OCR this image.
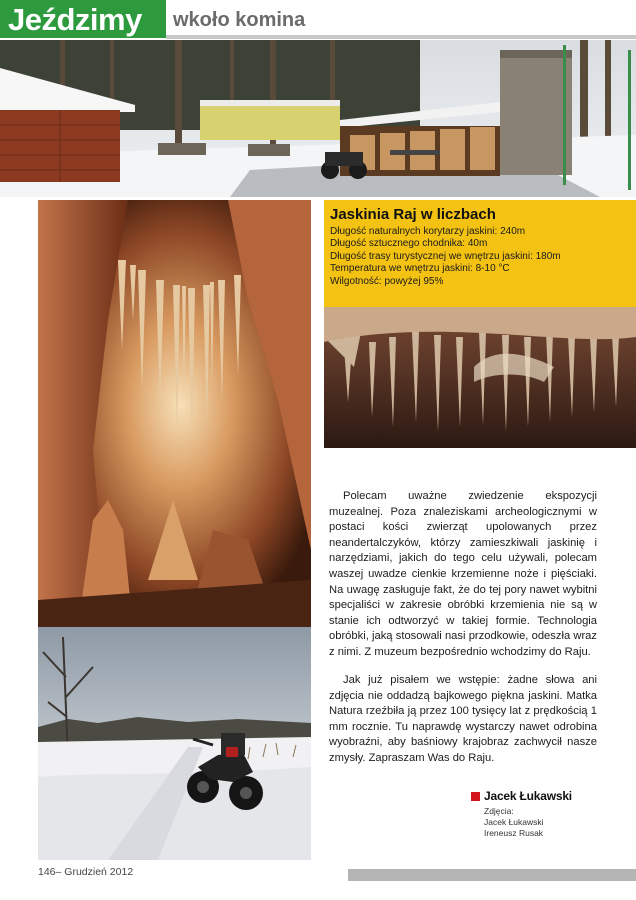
Jeździmy wkoło komina
Jaskinia Raj w liczbach
Długość naturalnych korytarzy jaskini: 240m
Długość sztucznego chodnika: 40m
Długość trasy turystycznej we wnętrzu jaskini: 180m
Temperatura we wnętrzu jaskini: 8-10 °C
Wilgotność: powyżej 95%

Polecam uważne zwiedzenie ekspozycji muzealnej. Poza znaleziskami archeologicznymi w postaci kości zwierząt upolowanych przez neandertalczyków, którzy zamieszkiwali jaskinię i narzędziami, jakich do tego celu używali, polecam waszej uwadze cienkie krzemienne noże i pięściaki. Na uwagę zasługuje fakt, że do tej pory nawet wybitni specjaliści w zakresie obróbki krzemienia nie są w stanie ich odtworzyć w takiej formie. Technologia obróbki, jaką stosowali nasi przodkowie, odeszła wraz z nimi. Z muzeum bezpośrednio wchodzimy do Raju.

Jak już pisałem we wstępie: żadne słowa ani zdjęcia nie oddadzą bajkowego piękna jaskini. Matka Natura rzeźbiła ją przez 100 tysięcy lat z prędkością 1 mm rocznie. Tu naprawdę wystarczy nawet odrobina wyobraźni, aby baśniowy krajobraz zachwycił nasze zmysły. Zapraszam Was do Raju.

Jacek Łukawski
Zdjęcia:
Jacek Łukawski
Ireneusz Rusak
146– Grudzień 2012
